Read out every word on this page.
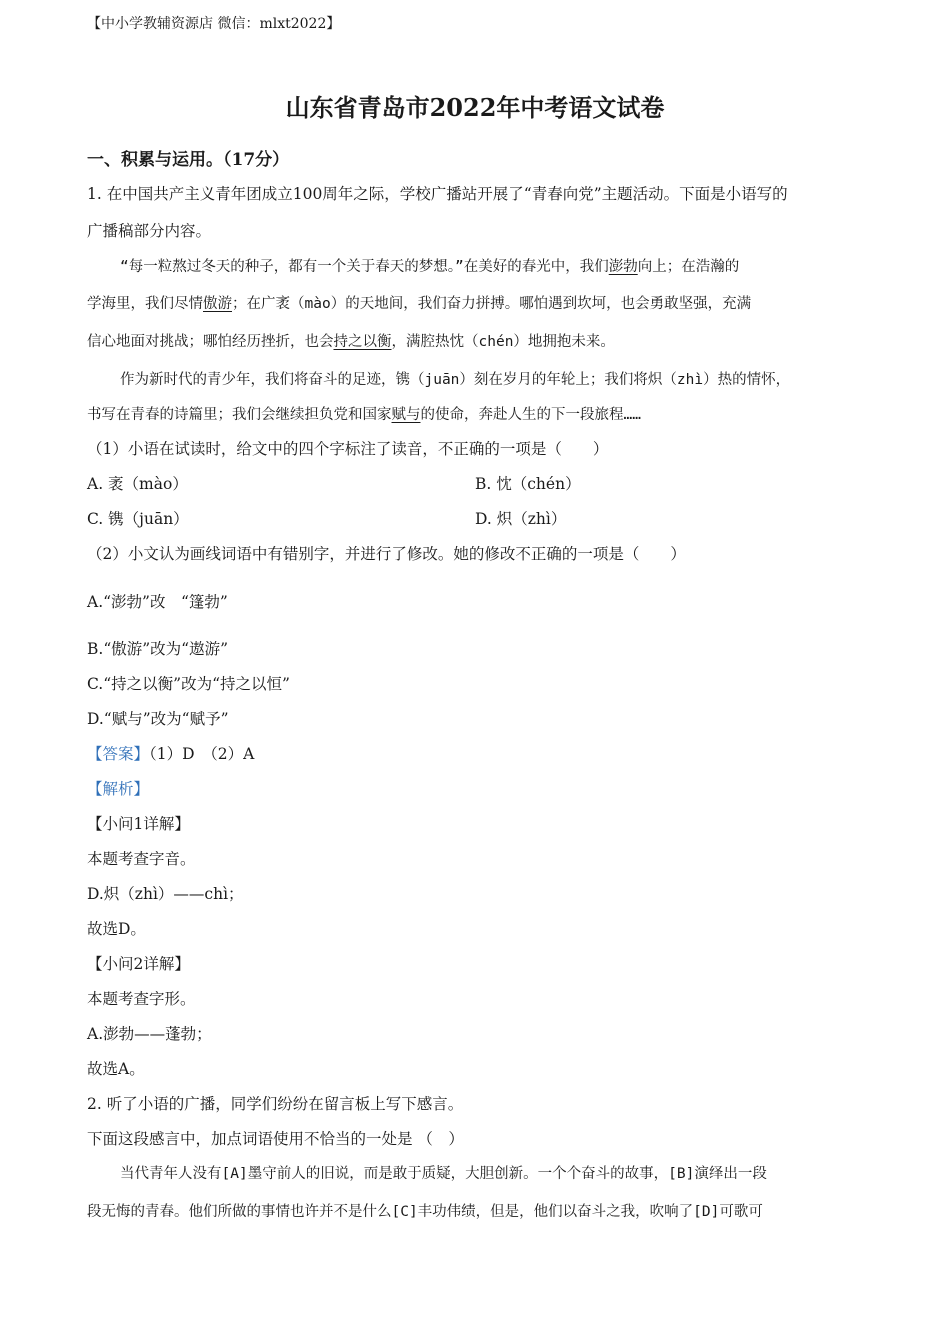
【中小学教辅资源店 微信：mlxt2022】
山东省青岛市2022年中考语文试卷
一、积累与运用。（17分）
1. 在中国共产主义青年团成立100周年之际，学校广播站开展了“青春向党”主题活动。下面是小语写的
广播稿部分内容。
“每一粒熬过冬天的种子，都有一个关于春天的梦想。”在美好的春光中，我们澎勃向上；在浩瀚的
学海里，我们尽情傲游；在广袤（mào）的天地间，我们奋力拼搏。哪怕遇到坎坷，也会勇敢坚强，充满
信心地面对挑战；哪怕经历挫折，也会持之以衡，满腔热忱（chén）地拥抱未来。
作为新时代的青少年，我们将奋斗的足迹，镌（juān）刻在岁月的年轮上；我们将炽（zhì）热的情怀，
书写在青春的诗篇里；我们会继续担负党和国家赋与的使命，奔赴人生的下一段旅程……
（1）小语在试读时，给文中的四个字标注了读音，不正确的一项是（　　）
A. 袤（mào）	B. 忱（chén）
C. 镌（juān）	D. 炽（zhì）
（2）小文认为画线词语中有错别字，并进行了修改。她的修改不正确的一项是（　　）
A.“澎勃”改　“篷勃”
B.“傲游”改为“遨游”
C.“持之以衡”改为“持之以恒”
D.“赋与”改为“赋予”
【答案】（1）D　（2）A
【解析】
【小问1详解】
本题考查字音。
D.炽（zhì）——chì；
故选D。
【小问2详解】
本题考查字形。
A.澎勃——蓬勃；
故选A。
2. 听了小语的广播，同学们纷纷在留言板上写下感言。
下面这段感言中，加点词语使用不恰当的一处是 （　）
当代青年人没有[A]墨守前人的旧说，而是敢于质疑，大胆创新。一个个奋斗的故事，[B]演绎出一段
段无悔的青春。他们所做的事情也许并不是什么[C]丰功伟绩，但是，他们以奋斗之我，吹响了[D]可歌可
